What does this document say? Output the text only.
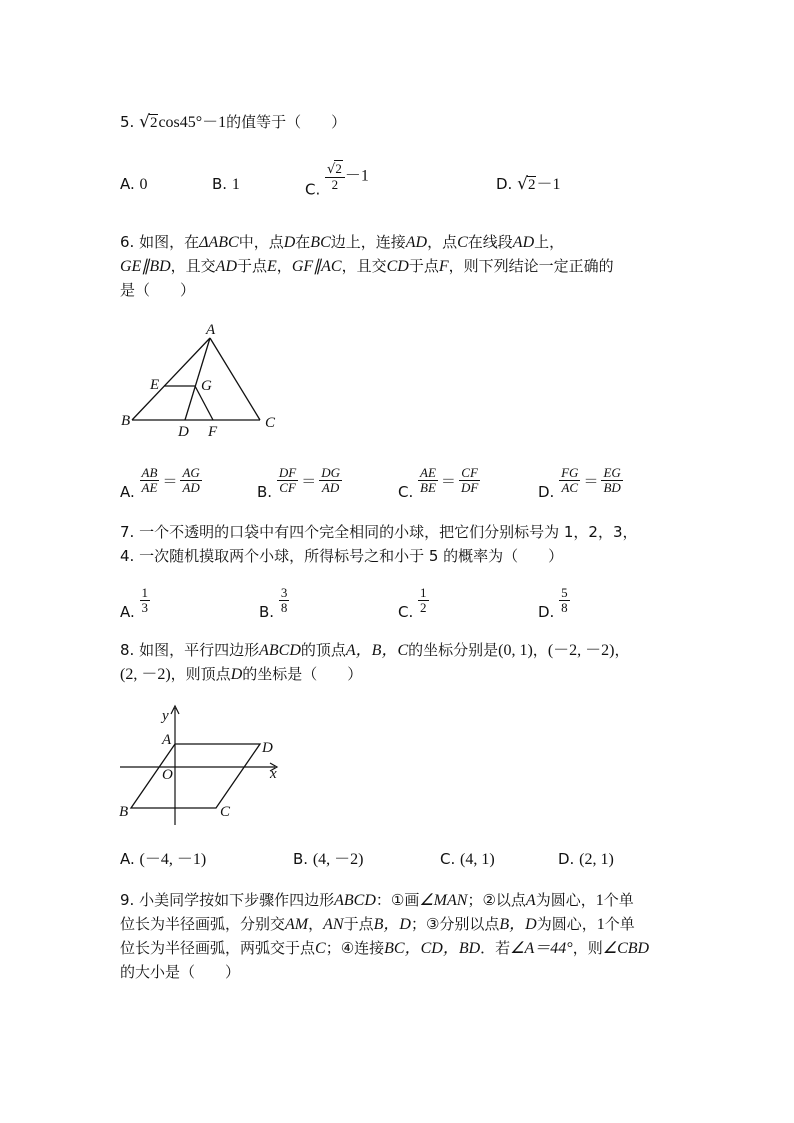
5. √2cos45°－1的值等于（　　）
A. 0	B. 1	C. $\frac{√2}{2} -1$	D. √2－1
6. 如图，在ΔABC中，点D在BC边上，连接AD，点C在线段AD上，
GE∥BD，且交AD于点E，GF∥AC，且交CD于点F，则下列结论一定正确的
是（　　）
A
B	C
D
E
F
G
A. $\frac{AB}{AE} = \frac{AG}{AD}$	B. $\frac{DF}{CF} = \frac{DG}{AD}$	C. $\frac{AE}{BE} = \frac{CF}{DF}$	D. $\frac{FG}{AC} = \frac{EG}{BD}$
7. 一个不透明的口袋中有四个完全相同的小球，把它们分别标号为 1，2，3，
4. 一次随机摸取两个小球，所得标号之和小于 5 的概率为（　　）
A. $\frac{1}{3}$	B. $\frac{3}{8}$	C. $\frac{1}{2}$	D. $\frac{5}{8}$
8. 如图，平行四边形ABCD的顶点A，B，C的坐标分别是(0, 1)，(－2, －2)，
(2, －2)，则顶点D的坐标是（　　）
y
x
A	D
O
B	C
A. (－4, －1)	B. (4, －2)	C. (4, 1)	D. (2, 1)
9. 小美同学按如下步骤作四边形ABCD：①画∠MAN；②以点A为圆心，1个单
位长为半径画弧，分别交AM，AN于点B，D；③分别以点B，D为圆心，1个单
位长为半径画弧，两弧交于点C；④连接BC，CD，BD．若∠A＝44°，则∠CBD
的大小是（　　）
